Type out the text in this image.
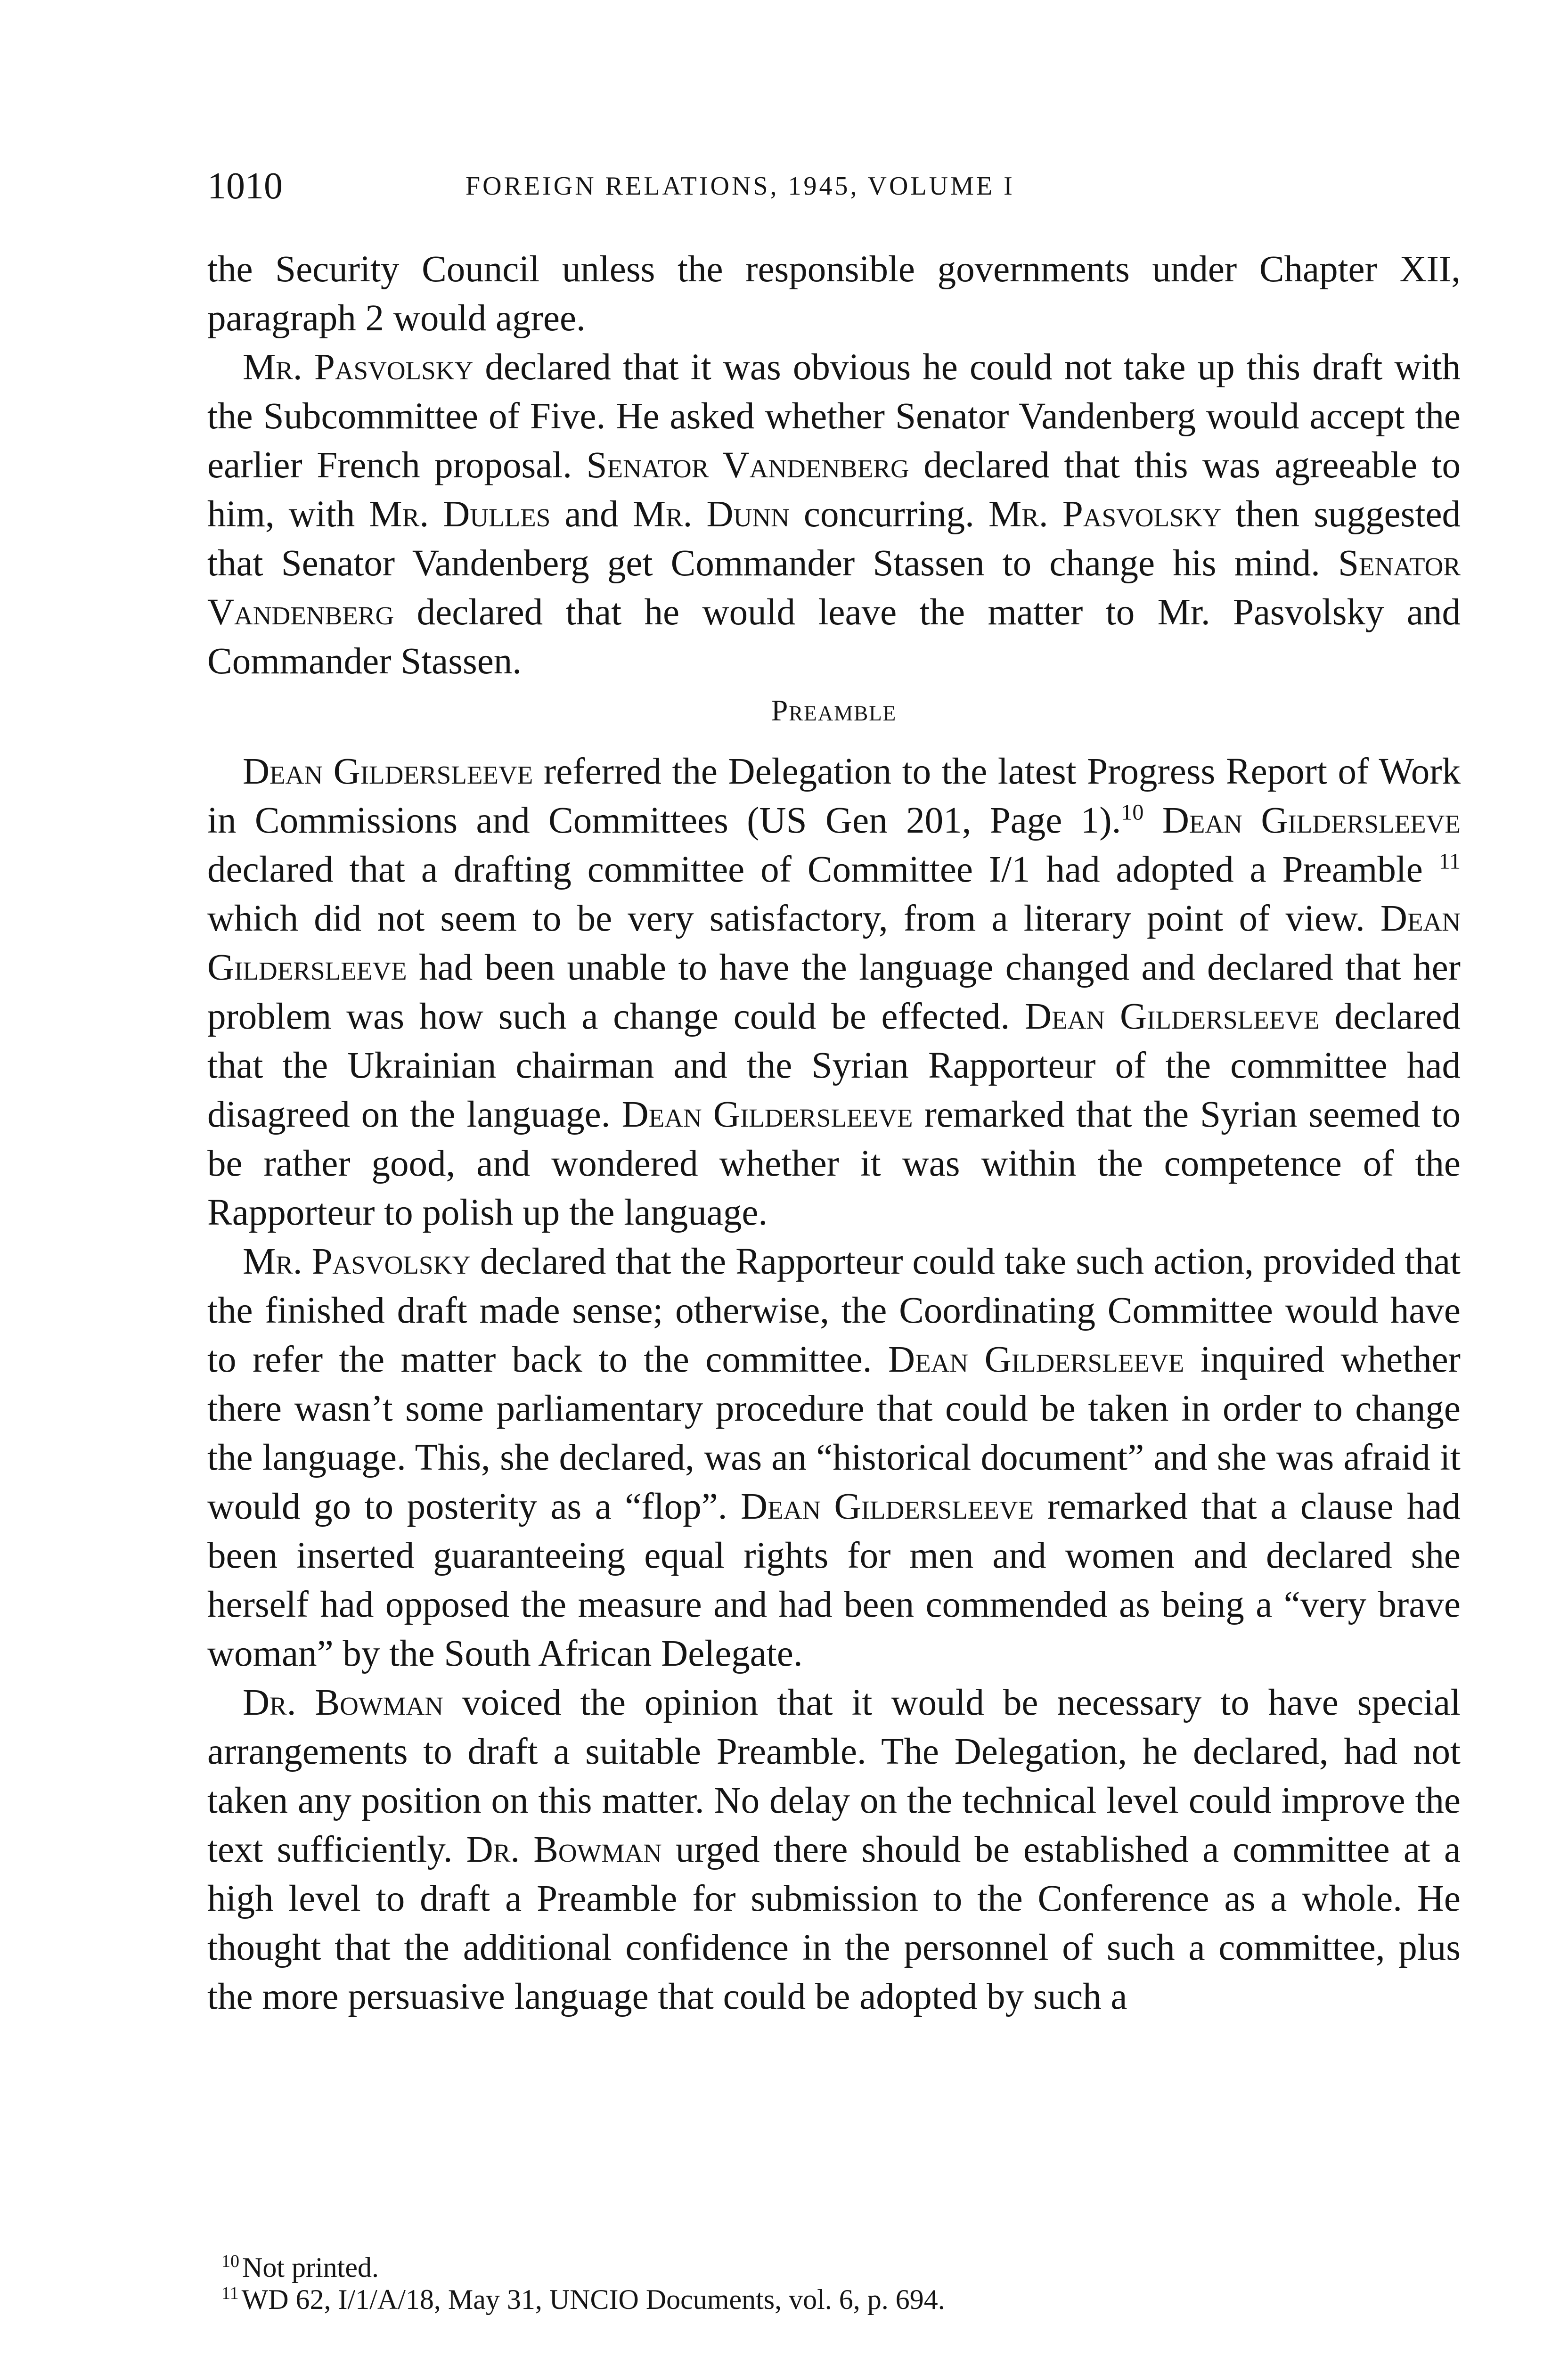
1010	FOREIGN RELATIONS, 1945, VOLUME I

the Security Council unless the responsible governments under Chapter XII, paragraph 2 would agree.

Mr. Pasvolsky declared that it was obvious he could not take up this draft with the Subcommittee of Five. He asked whether Senator Vandenberg would accept the earlier French proposal. Senator Vandenberg declared that this was agreeable to him, with Mr. Dulles and Mr. Dunn concurring. Mr. Pasvolsky then suggested that Senator Vandenberg get Commander Stassen to change his mind. Senator Vandenberg declared that he would leave the matter to Mr. Pasvolsky and Commander Stassen.

Preamble

Dean Gildersleeve referred the Delegation to the latest Progress Report of Work in Commissions and Committees (US Gen 201, Page 1).$^{10}$ Dean Gildersleeve declared that a drafting committee of Committee I/1 had adopted a Preamble $^{11}$ which did not seem to be very satisfactory, from a literary point of view. Dean Gildersleeve had been unable to have the language changed and declared that her problem was how such a change could be effected. Dean Gildersleeve declared that the Ukrainian chairman and the Syrian Rapporteur of the committee had disagreed on the language. Dean Gildersleeve remarked that the Syrian seemed to be rather good, and wondered whether it was within the competence of the Rapporteur to polish up the language.

Mr. Pasvolsky declared that the Rapporteur could take such action, provided that the finished draft made sense; otherwise, the Coordinating Committee would have to refer the matter back to the committee. Dean Gildersleeve inquired whether there wasn’t some parliamentary procedure that could be taken in order to change the language. This, she declared, was an “historical document” and she was afraid it would go to posterity as a “flop”. Dean Gildersleeve remarked that a clause had been inserted guaranteeing equal rights for men and women and declared she herself had opposed the measure and had been commended as being a “very brave woman” by the South African Delegate.

Dr. Bowman voiced the opinion that it would be necessary to have special arrangements to draft a suitable Preamble. The Delegation, he declared, had not taken any position on this matter. No delay on the technical level could improve the text sufficiently. Dr. Bowman urged there should be established a committee at a high level to draft a Preamble for submission to the Conference as a whole. He thought that the additional confidence in the personnel of such a committee, plus the more persuasive language that could be adopted by such a

$^{10}$ Not printed.

$^{11}$ WD 62, I/1/A/18, May 31, UNCIO Documents, vol. 6, p. 694.
